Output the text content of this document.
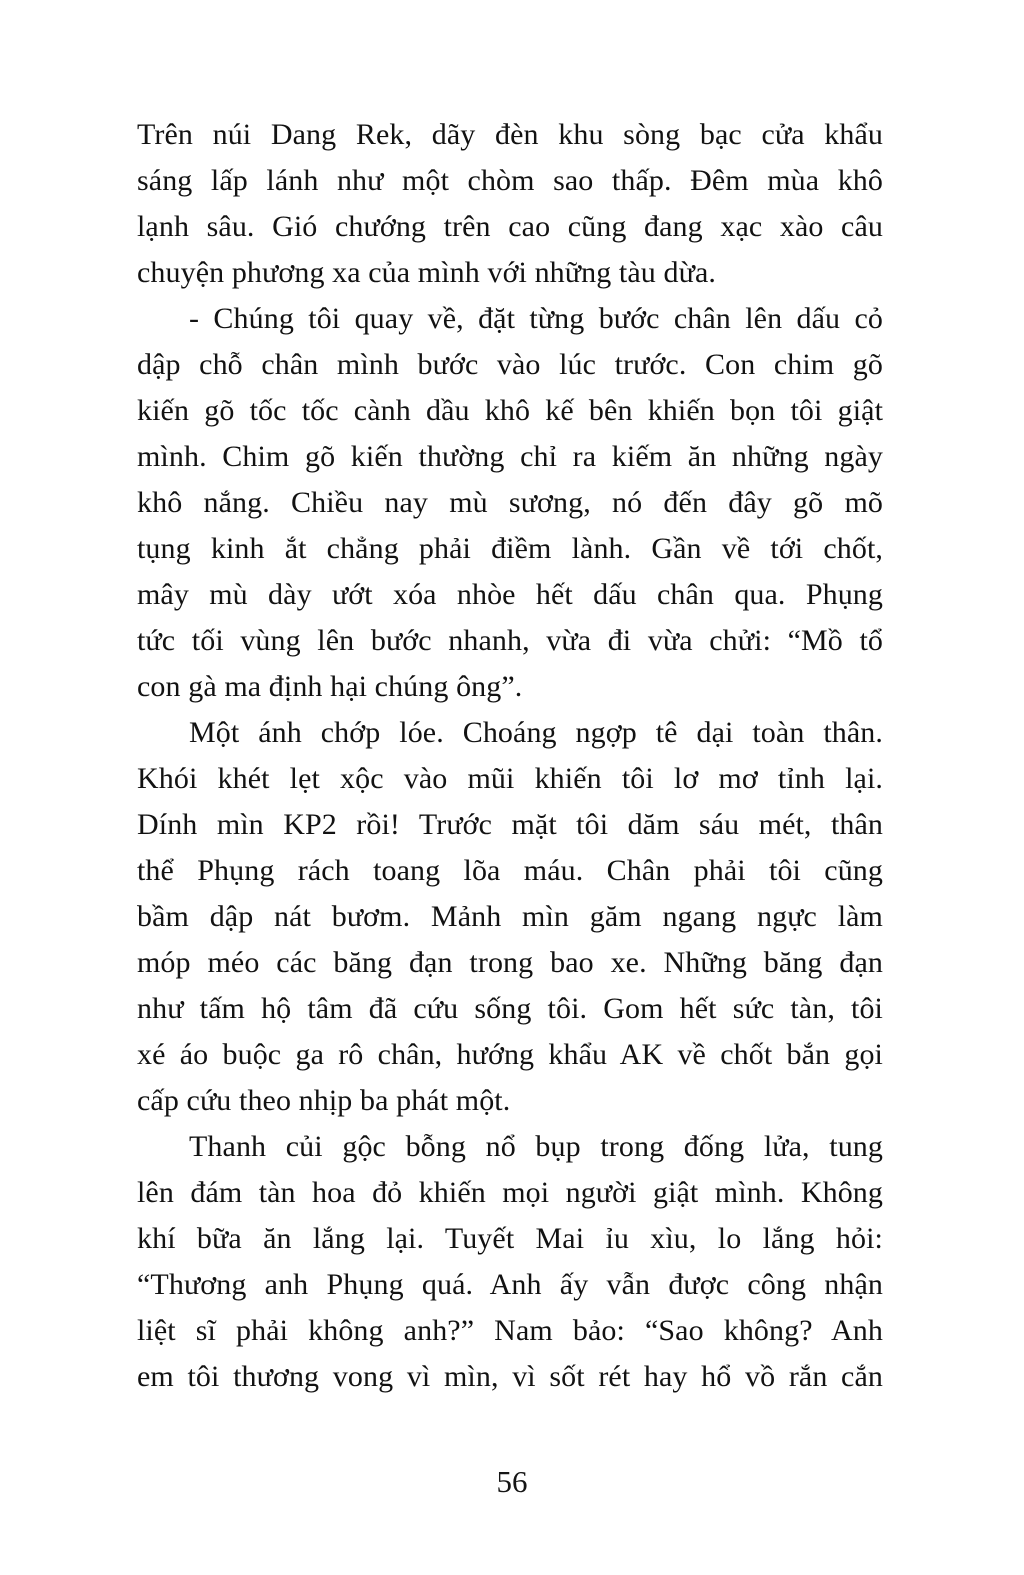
Trên núi Dang Rek, dãy đèn khu sòng bạc cửa khẩu
sáng lấp lánh như một chòm sao thấp. Đêm mùa khô
lạnh sâu. Gió chướng trên cao cũng đang xạc xào câu
chuyện phương xa của mình với những tàu dừa.
- Chúng tôi quay về, đặt từng bước chân lên dấu cỏ
dập chỗ chân mình bước vào lúc trước. Con chim gõ
kiến gõ tốc tốc cành dầu khô kế bên khiến bọn tôi giật
mình. Chim gõ kiến thường chỉ ra kiếm ăn những ngày
khô nắng. Chiều nay mù sương, nó đến đây gõ mõ
tụng kinh ắt chẳng phải điềm lành. Gần về tới chốt,
mây mù dày ướt xóa nhòe hết dấu chân qua. Phụng
tức tối vùng lên bước nhanh, vừa đi vừa chửi: “Mồ tổ
con gà ma định hại chúng ông”.
Một ánh chớp lóe. Choáng ngợp tê dại toàn thân.
Khói khét lẹt xộc vào mũi khiến tôi lơ mơ tỉnh lại.
Dính mìn KP2 rồi! Trước mặt tôi dăm sáu mét, thân
thể Phụng rách toang lõa máu. Chân phải tôi cũng
bầm dập nát bươm. Mảnh mìn găm ngang ngực làm
móp méo các băng đạn trong bao xe. Những băng đạn
như tấm hộ tâm đã cứu sống tôi. Gom hết sức tàn, tôi
xé áo buộc ga rô chân, hướng khẩu AK về chốt bắn gọi
cấp cứu theo nhịp ba phát một.
Thanh củi gộc bỗng nổ bụp trong đống lửa, tung
lên đám tàn hoa đỏ khiến mọi người giật mình. Không
khí bữa ăn lắng lại. Tuyết Mai ỉu xìu, lo lắng hỏi:
“Thương anh Phụng quá. Anh ấy vẫn được công nhận
liệt sĩ phải không anh?” Nam bảo: “Sao không? Anh
em tôi thương vong vì mìn, vì sốt rét hay hổ vồ rắn cắn
56
